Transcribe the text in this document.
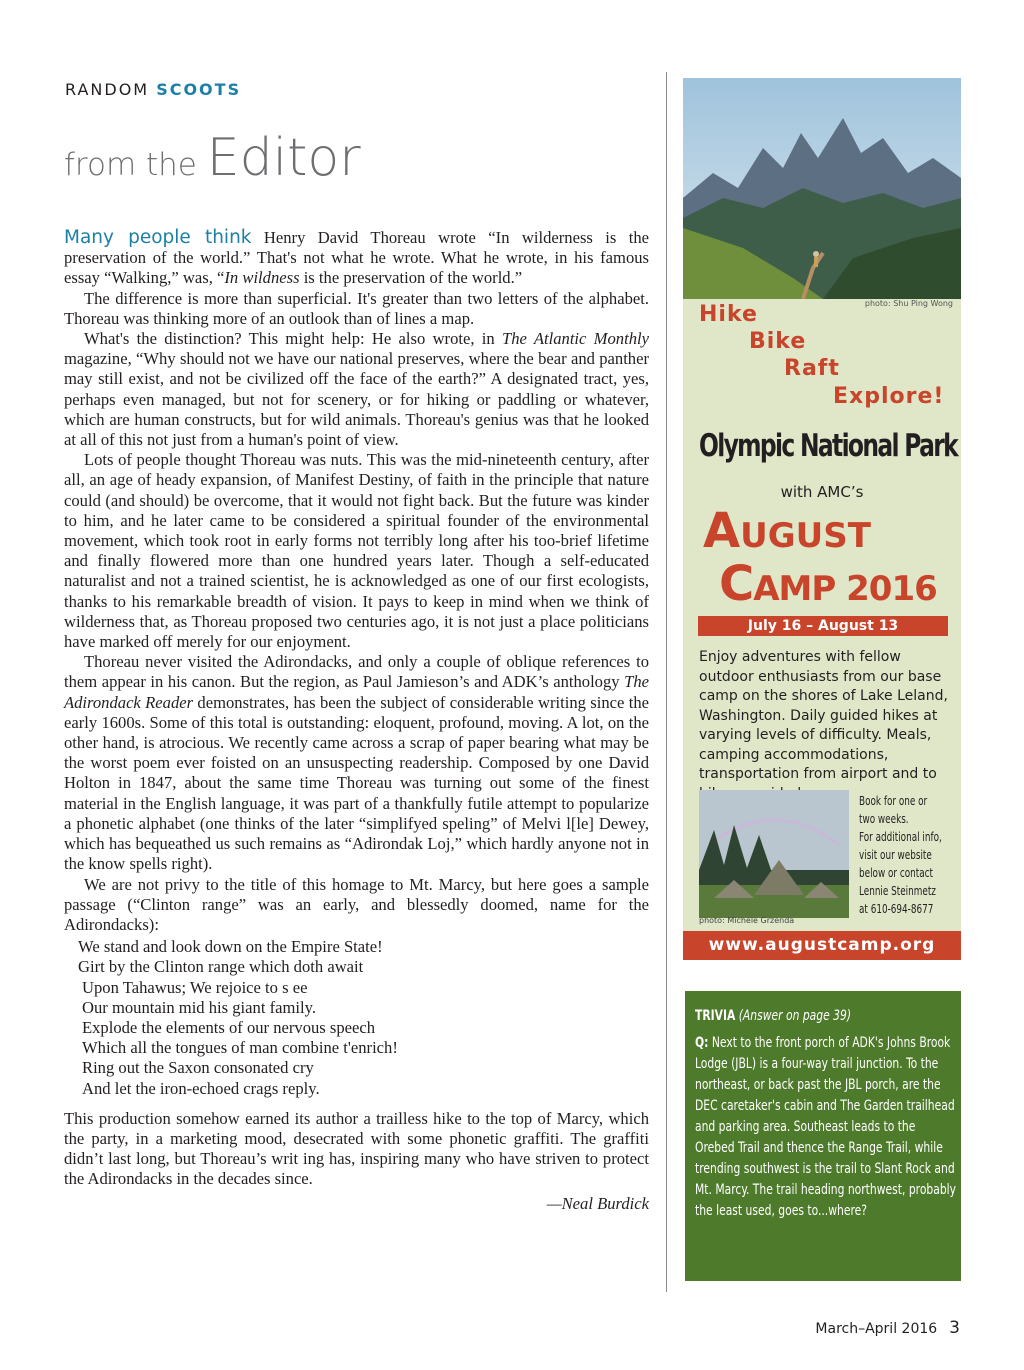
RANDOM SCOOTS
from the Editor

Many people think Henry David Thoreau wrote “In wilderness is the preservation of the world.” That's not what he wrote. What he wrote, in his famous essay “Walking,” was, “In wildness is the preservation of the world.”

The difference is more than superficial. It's greater than two letters of the alphabet. Thoreau was thinking more of an outlook than of lines a map.

What's the distinction? This might help: He also wrote, in The Atlantic Monthly magazine, “Why should not we have our national preserves, where the bear and panther may still exist, and not be civilized off the face of the earth?” A designated tract, yes, perhaps even managed, but not for scenery, or for hiking or paddling or whatever, which are human constructs, but for wild animals. Thoreau's genius was that he looked at all of this not just from a human's point of view.

Lots of people thought Thoreau was nuts. This was the mid-nineteenth century, after all, an age of heady expansion, of Manifest Destiny, of faith in the principle that nature could (and should) be overcome, that it would not fight back. But the future was kinder to him, and he later came to be considered a spiritual founder of the environmental movement, which took root in early forms not terribly long after his too-brief lifetime and finally flowered more than one hundred years later. Though a self-educated naturalist and not a trained scientist, he is acknowledged as one of our first ecologists, thanks to his remarkable breadth of vision. It pays to keep in mind when we think of wilderness that, as Thoreau proposed two centuries ago, it is not just a place politicians have marked off merely for our enjoyment.

Thoreau never visited the Adirondacks, and only a couple of oblique references to them appear in his canon. But the region, as Paul Jamieson’s and ADK’s anthology The Adirondack Reader demonstrates, has been the subject of considerable writing since the early 1600s. Some of this total is outstanding: eloquent, profound, moving. A lot, on the other hand, is atrocious. We recently came across a scrap of paper bearing what may be the worst poem ever foisted on an unsuspecting readership. Composed by one David Holton in 1847, about the same time Thoreau was turning out some of the finest material in the English language, it was part of a thankfully futile attempt to popularize a phonetic alphabet (one thinks of the later “simplifyed speling” of Melvi l[le] Dewey, which has bequeathed us such remains as “Adirondak Loj,” which hardly anyone not in the know spells right).

We are not privy to the title of this homage to Mt. Marcy, but here goes a sample passage (“Clinton range” was an early, and blessedly doomed, name for the Adirondacks):

We stand and look down on the Empire State!
Girt by the Clinton range which doth await
Upon Tahawus; We rejoice to s ee
Our mountain mid his giant family.
Explode the elements of our nervous speech
Which all the tongues of man combine t'enrich!
Ring out the Saxon consonated cry
And let the iron-echoed crags reply.

This production somehow earned its author a trailless hike to the top of Marcy, which the party, in a marketing mood, desecrated with some phonetic graffiti. The graffiti didn’t last long, but Thoreau’s writ ing has, inspiring many who have striven to protect the Adirondacks in the decades since.

—Neal Burdick
photo: Shu Ping Wong
Hike
Bike
Raft
Explore!
Olympic National Park
with AMC’s
AUGUST
CAMP 2016
July 16 – August 13
Enjoy adventures with fellow outdoor enthusiasts from our base camp on the shores of Lake Leland, Washington. Daily guided hikes at varying levels of difficulty. Meals, camping accommodations, transportation from airport and to
photo: Michele Grzenda
Book for one or
two weeks.
For additional info,
visit our website
below or contact
Lennie Steinmetz
at 610-694-8677
www.augustcamp.org
TRIVIA (Answer on page 39)
Q: Next to the front porch of ADK's Johns Brook Lodge (JBL) is a four-way trail junction. To the northeast, or back past the JBL porch, are the DEC caretaker's cabin and The Garden trailhead and parking area. Southeast leads to the Orebed Trail and thence the Range Trail, while trending southwest is the trail to Slant Rock and Mt. Marcy. The trail heading northwest, probably the least used, goes to...where?
March–April 2016 3
